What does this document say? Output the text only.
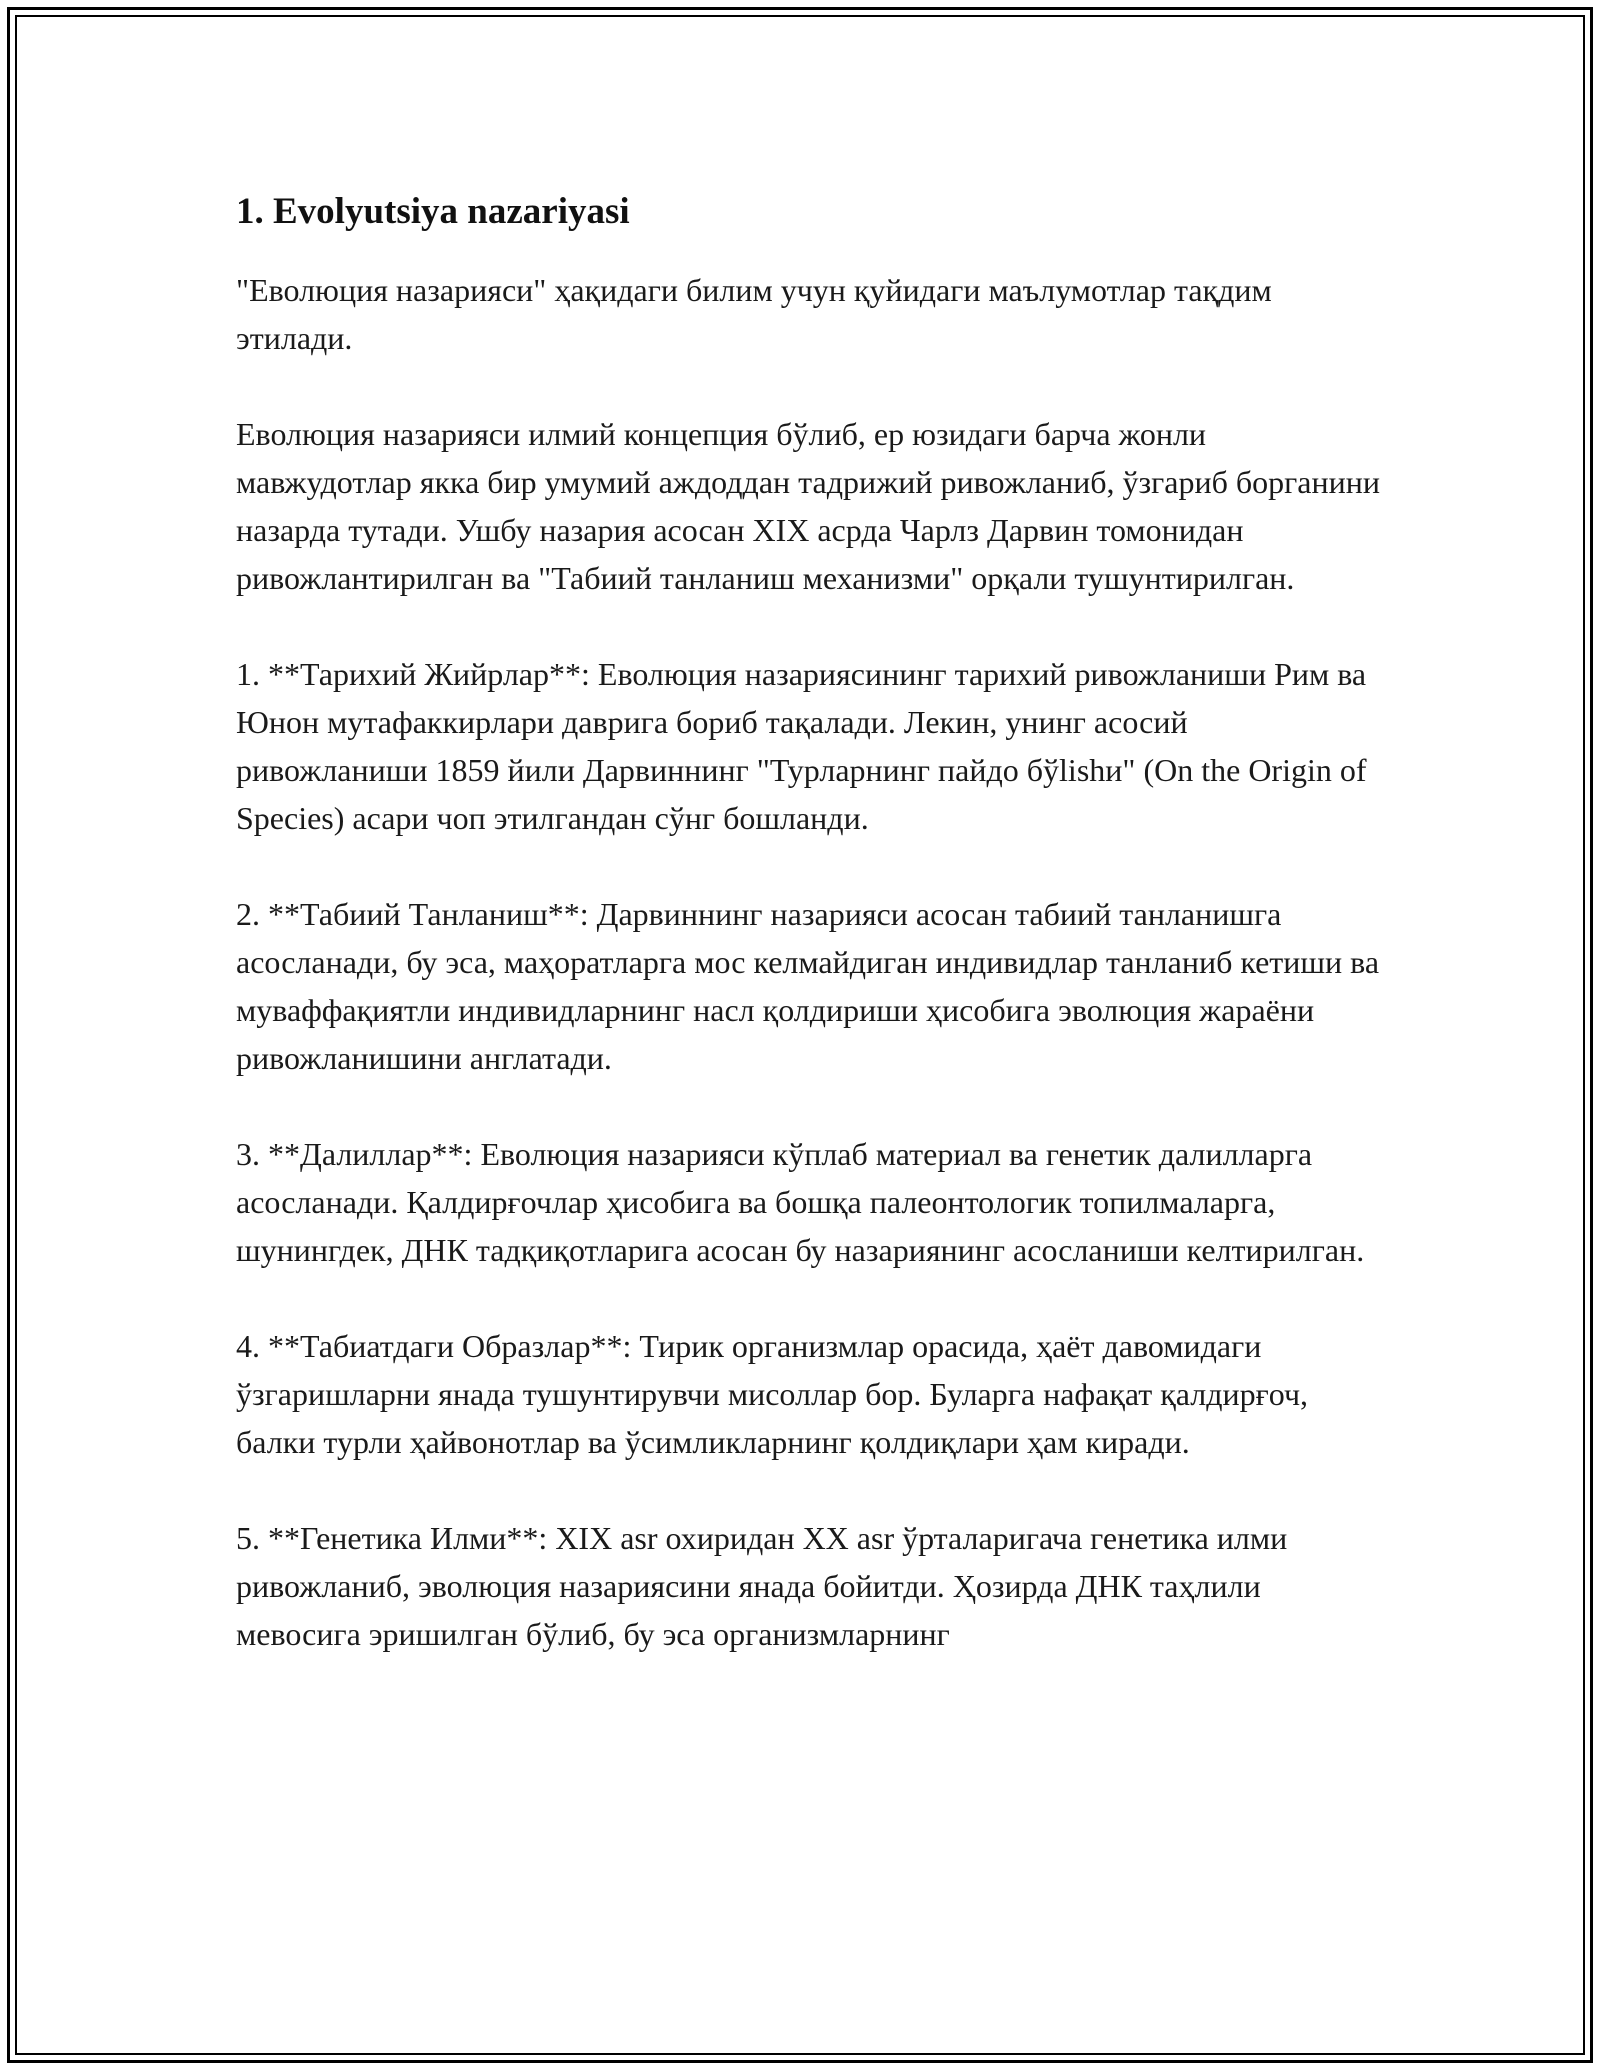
1. Evolyutsiya nazariyasi

"Еволюция назарияси" ҳақидаги билим учун қуйидаги маълумотлар тақдим этилади.

Еволюция назарияси илмий концепция бўлиб, ер юзидаги барча жонли мавжудотлар якка бир умумий аждоддан тадрижий ривожланиб, ўзгариб борганини назарда тутади. Ушбу назария асосан XIX асрда Чарлз Дарвин томонидан ривожлантирилган ва "Табиий танланиш механизми" орқали тушунтирилган.

1. **Тарихий Жийрлар**: Еволюция назариясининг тарихий ривожланиши Рим ва Юнон мутафаккирлари даврига бориб тақалади. Лекин, унинг асосий ривожланиши 1859 йили Дарвиннинг "Турларнинг пайдо бўlishи" (On the Origin of Species) асари чоп этилгандан сўнг бошланди.

2. **Табиий Танланиш**: Дарвиннинг назарияси асосан табиий танланишга асосланади, бу эса, маҳоратларга мос келмайдиган индивидлар танланиб кетиши ва муваффақиятли индивидларнинг насл қолдириши ҳисобига эволюция жараёни ривожланишини англатади.

3. **Далиллар**: Еволюция назарияси кўплаб материал ва генетик далилларга асосланади. Қалдирғочлар ҳисобига ва бошқа палеонтологик топилмаларга, шунингдек, ДНК тадқиқотларига асосан бу назариянинг асосланиши келтирилган.

4. **Табиатдаги Образлар**: Тирик организмлар орасида, ҳаёт давомидаги ўзгаришларни янада тушунтирувчи мисоллар бор. Буларга нафақат қалдирғоч, балки турли ҳайвонотлар ва ўсимликларнинг қолдиқлари ҳам киради.

5. **Генетика Илми**: XIX asr охиридан XX asr ўрталаригача генетика илми ривожланиб, эволюция назариясини янада бойитди. Ҳозирда ДНК таҳлили мевосига эришилган бўлиб, бу эса организмларнинг
